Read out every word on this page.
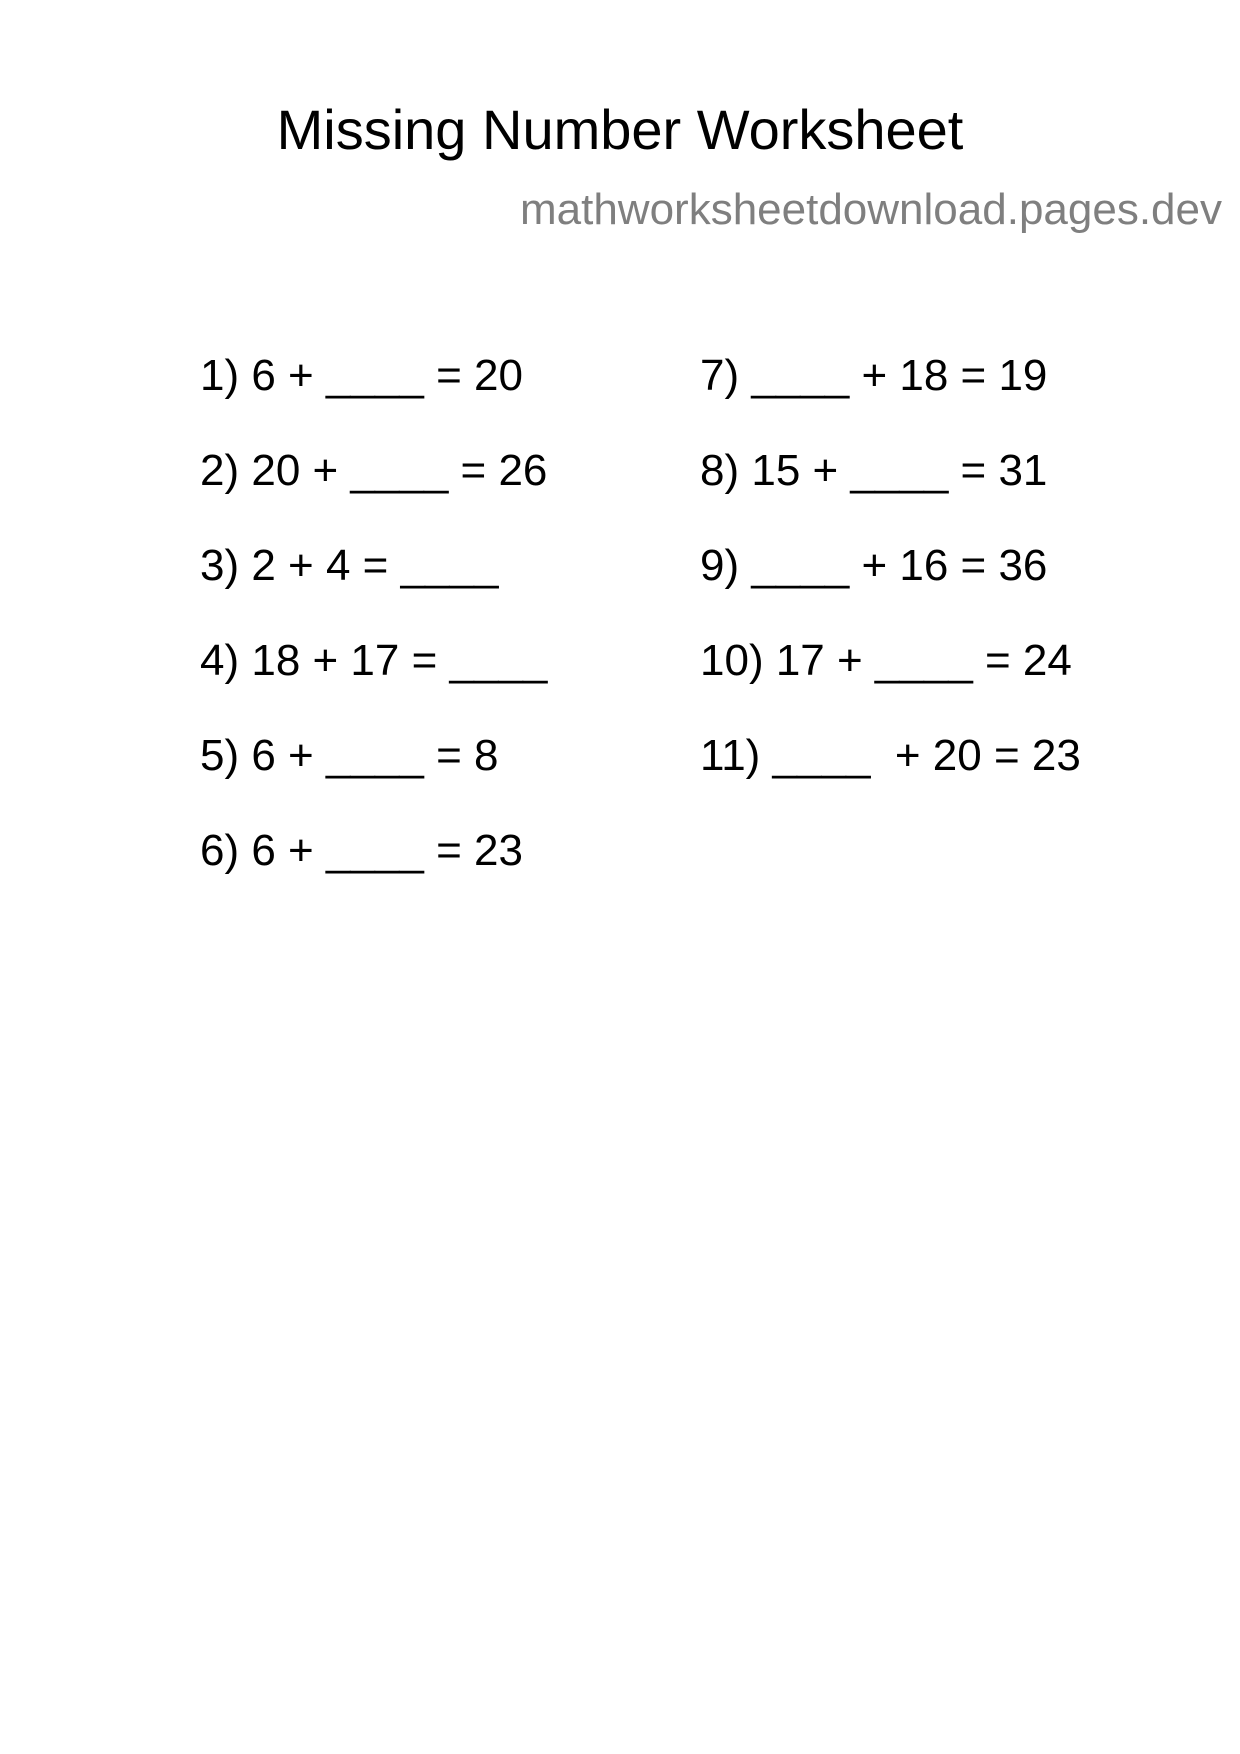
Missing Number Worksheet
mathworksheetdownload.pages.dev
1) 6 + ____ = 20
2) 20 + ____ = 26
3) 2 + 4 = ____
4) 18 + 17 = ____
5) 6 + ____ = 8
6) 6 + ____ = 23
7) ____ + 18 = 19
8) 15 + ____ = 31
9) ____ + 16 = 36
10) 17 + ____ = 24
11) ____  + 20 = 23
